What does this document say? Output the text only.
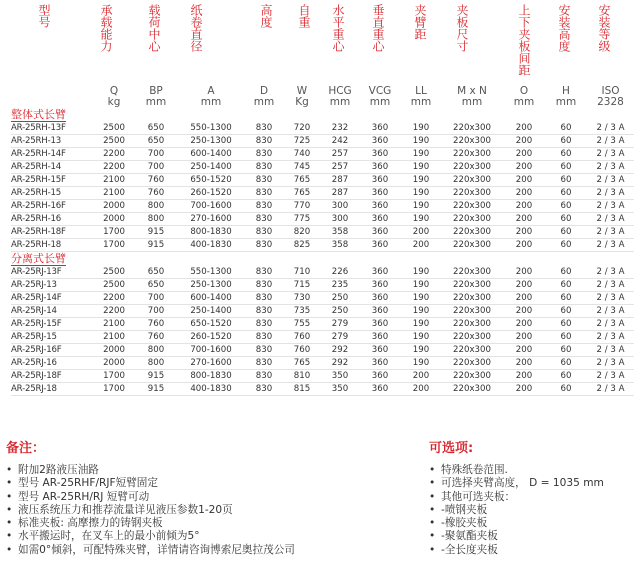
型号	承载能力	载荷中心	纸卷直径	高度	自重	水平重心	垂直重心	夹臂距	夹板尺寸	上下夹板间距	安装高度	安装等级
	Q	BP	A	D	W	HCG	VCG	LL	M x N	O	H	ISO
	kg	mm	mm	mm	Kg	mm	mm	mm	mm	mm	mm	2328
整体式长臂												
AR-25RH-13F	2500	650	550-1300	830	720	232	360	190	220x300	200	60	2 / 3 A
AR-25RH-13	2500	650	250-1300	830	725	242	360	190	220x300	200	60	2 / 3 A
AR-25RH-14F	2200	700	600-1400	830	740	257	360	190	220x300	200	60	2 / 3 A
AR-25RH-14	2200	700	250-1400	830	745	257	360	190	220x300	200	60	2 / 3 A
AR-25RH-15F	2100	760	650-1520	830	765	287	360	190	220x300	200	60	2 / 3 A
AR-25RH-15	2100	760	260-1520	830	765	287	360	190	220x300	200	60	2 / 3 A
AR-25RH-16F	2000	800	700-1600	830	770	300	360	190	220x300	200	60	2 / 3 A
AR-25RH-16	2000	800	270-1600	830	775	300	360	190	220x300	200	60	2 / 3 A
AR-25RH-18F	1700	915	800-1830	830	820	358	360	200	220x300	200	60	2 / 3 A
AR-25RH-18	1700	915	400-1830	830	825	358	360	200	220x300	200	60	2 / 3 A
分离式长臂												
AR-25RJ-13F	2500	650	550-1300	830	710	226	360	190	220x300	200	60	2 / 3 A
AR-25RJ-13	2500	650	250-1300	830	715	235	360	190	220x300	200	60	2 / 3 A
AR-25RJ-14F	2200	700	600-1400	830	730	250	360	190	220x300	200	60	2 / 3 A
AR-25RJ-14	2200	700	250-1400	830	735	250	360	190	220x300	200	60	2 / 3 A
AR-25RJ-15F	2100	760	650-1520	830	755	279	360	190	220x300	200	60	2 / 3 A
AR-25RJ-15	2100	760	260-1520	830	760	279	360	190	220x300	200	60	2 / 3 A
AR-25RJ-16F	2000	800	700-1600	830	760	292	360	190	220x300	200	60	2 / 3 A
AR-25RJ-16	2000	800	270-1600	830	765	292	360	190	220x300	200	60	2 / 3 A
AR-25RJ-18F	1700	915	800-1830	830	810	350	360	200	220x300	200	60	2 / 3 A
AR-25RJ-18	1700	915	400-1830	830	815	350	360	200	220x300	200	60	2 / 3 A
备注：
• 附加2路液压油路
• 型号 AR-25RHF/RJF短臂固定
• 型号 AR-25RH/RJ 短臂可动
• 液压系统压力和推荐流量详见液压参数1-20页
• 标准夹板: 高摩擦力的铸钢夹板
• 水平搬运时，在叉车上的最小前倾为5°
• 如需0°倾斜，可配特殊夹臂，详情请咨询博索尼奥拉茂公司
可选项:
• 特殊纸卷范围.
• 可选择夹臂高度， D = 1035 mm
• 其他可选夹板：
• -喷钢夹板
• -橡胶夹板
• -聚氨酯夹板
• -全长度夹板
